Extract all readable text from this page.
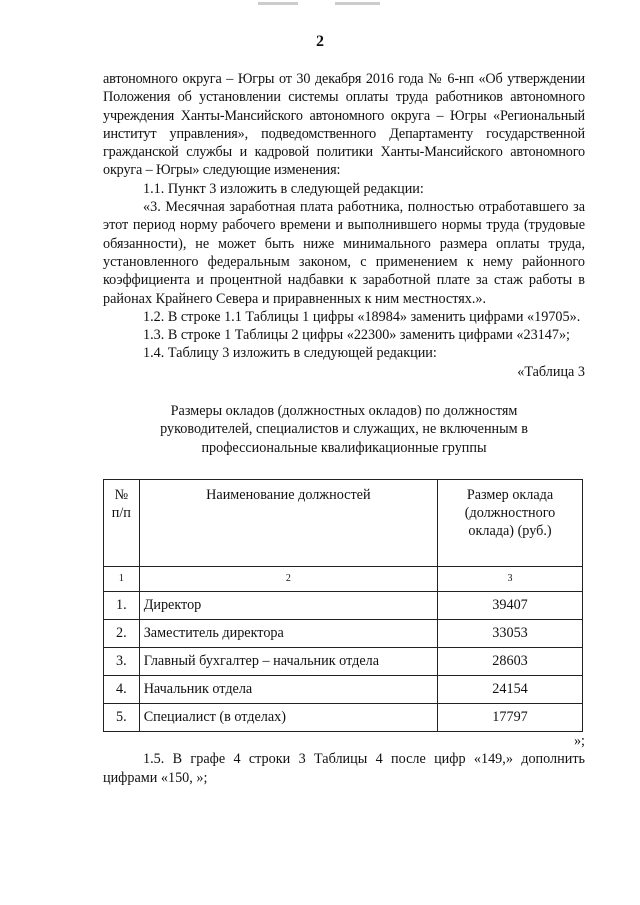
2

автономного округа – Югры от 30 декабря 2016 года № 6-нп «Об утверждении Положения об установлении системы оплаты труда работников автономного учреждения Ханты-Мансийского автономного округа – Югры «Региональный институт управления», подведомственного Департаменту государственной гражданской службы и кадровой политики Ханты-Мансийского автономного округа – Югры» следующие изменения:

1.1. Пункт 3 изложить в следующей редакции:

«3. Месячная заработная плата работника, полностью отработавшего за этот период норму рабочего времени и выполнившего нормы труда (трудовые обязанности), не может быть ниже минимального размера оплаты труда, установленного федеральным законом, с применением к нему районного коэффициента и процентной надбавки к заработной плате за стаж работы в районах Крайнего Севера и приравненных к ним местностях.».

1.2. В строке 1.1 Таблицы 1 цифры «18984» заменить цифрами «19705».

1.3. В строке 1 Таблицы 2 цифры «22300» заменить цифрами «23147»;

1.4. Таблицу 3 изложить в следующей редакции:

«Таблица 3

Размеры окладов (должностных окладов) по должностям

руководителей, специалистов и служащих, не включенным в

профессиональные квалификационные группы

№ п/п	Наименование должностей	Размер оклада (должностного оклада) (руб.)
1	2	3
1.	Директор	39407
2.	Заместитель директора	33053
3.	Главный бухгалтер – начальник отдела	28603
4.	Начальник отдела	24154
5.	Специалист (в отделах)	17797

»;

1.5. В графе 4 строки 3 Таблицы 4 после цифр «149,» дополнить цифрами «150, »;
